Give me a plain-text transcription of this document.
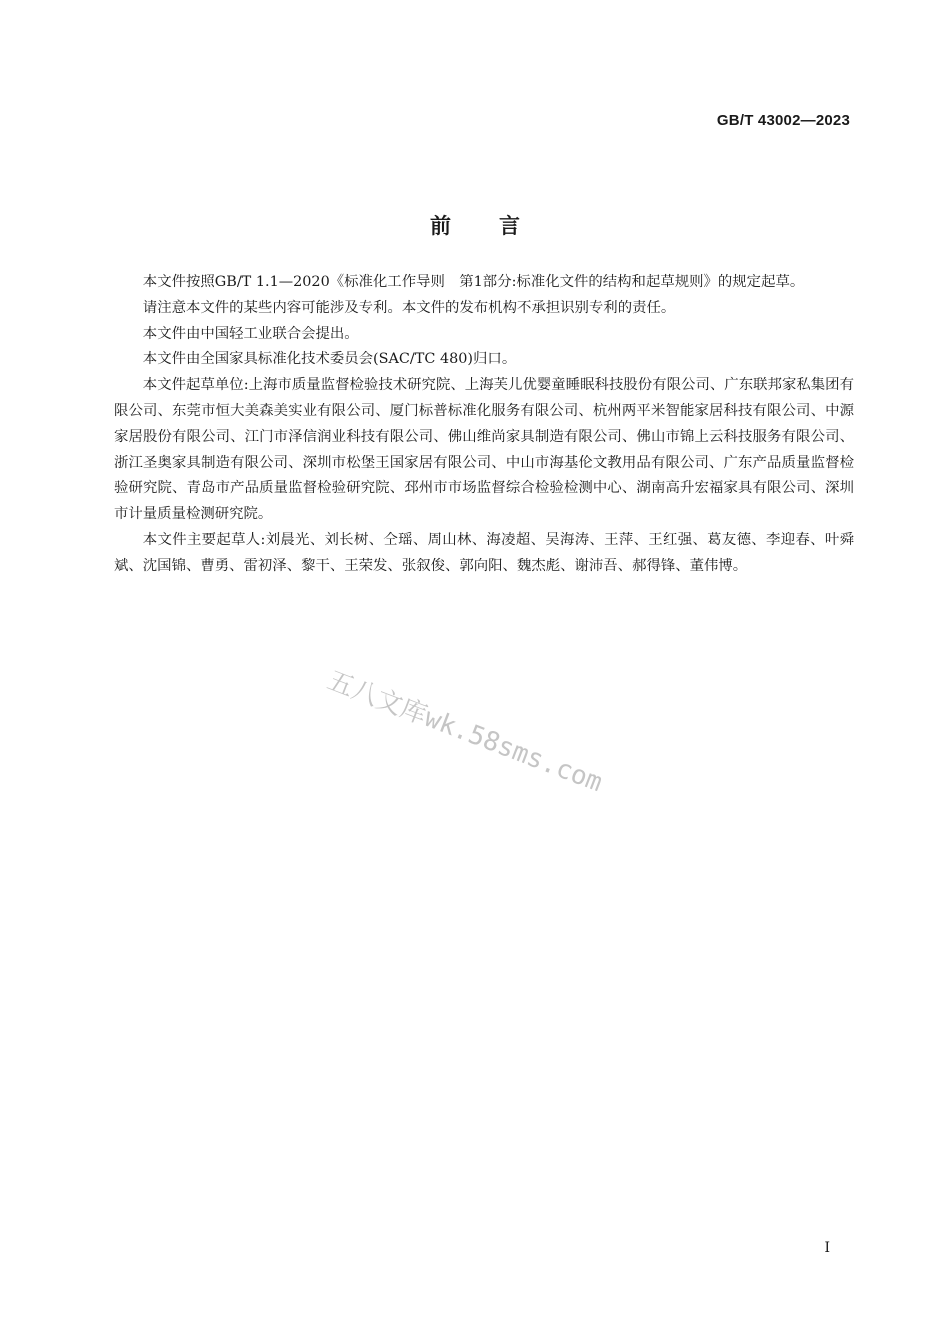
GB/T 43002—2023
前言

本文件按照GB/T 1.1—2020《标准化工作导则　第1部分:标准化文件的结构和起草规则》的规定起草。

请注意本文件的某些内容可能涉及专利。本文件的发布机构不承担识别专利的责任。

本文件由中国轻工业联合会提出。

本文件由全国家具标准化技术委员会(SAC/TC 480)归口。

本文件起草单位:上海市质量监督检验技术研究院、上海芙儿优婴童睡眠科技股份有限公司、广东联邦家私集团有限公司、东莞市恒大美森美实业有限公司、厦门标普标准化服务有限公司、杭州两平米智能家居科技有限公司、中源家居股份有限公司、江门市泽信润业科技有限公司、佛山维尚家具制造有限公司、佛山市锦上云科技服务有限公司、浙江圣奥家具制造有限公司、深圳市松堡王国家居有限公司、中山市海基伦文教用品有限公司、广东产品质量监督检验研究院、青岛市产品质量监督检验研究院、邳州市市场监督综合检验检测中心、湖南高升宏福家具有限公司、深圳市计量质量检测研究院。

本文件主要起草人:刘晨光、刘长树、仝瑶、周山林、海凌超、吴海涛、王萍、王红强、葛友德、李迎春、叶舜斌、沈国锦、曹勇、雷初泽、黎干、王荣发、张叙俊、郭向阳、魏杰彪、谢沛吾、郝得锋、董伟博。

五八文库wk.58sms.com
I
